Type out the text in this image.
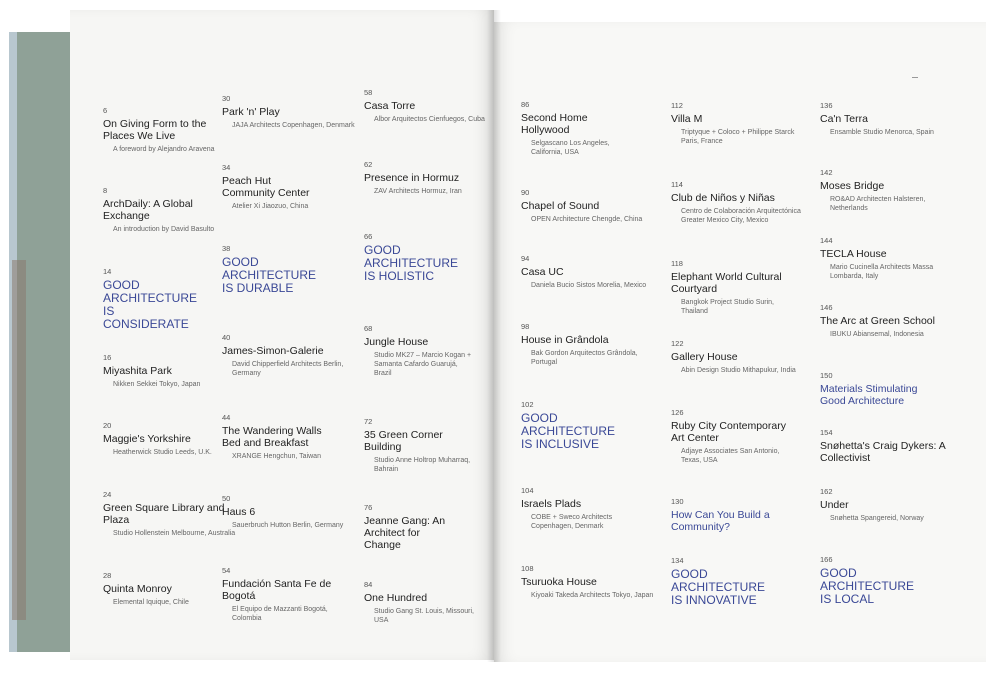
6
On Giving Form to the Places We Live
A foreword by Alejandro Aravena
8
ArchDaily: A Global Exchange
An introduction by David Basulto
14
GOOD ARCHITECTURE IS CONSIDERATE
16
Miyashita Park
Nikken Sekkei Tokyo, Japan
20
Maggie's Yorkshire
Heatherwick Studio Leeds, U.K.
24
Green Square Library and Plaza
Studio Hollenstein Melbourne, Australia
28
Quinta Monroy
Elemental Iquique, Chile
30
Park 'n' Play
JAJA Architects Copenhagen, Denmark
34
Peach Hut Community Center
Atelier Xi Jiaozuo, China
38
GOOD ARCHITECTURE IS DURABLE
40
James-Simon-Galerie
David Chipperfield Architects Berlin, Germany
44
The Wandering Walls Bed and Breakfast
XRANGE Hengchun, Taiwan
50
Haus 6
Sauerbruch Hutton Berlin, Germany
54
Fundación Santa Fe de Bogotá
El Equipo de Mazzanti Bogotá, Colombia
58
Casa Torre
Albor Arquitectos Cienfuegos, Cuba
62
Presence in Hormuz
ZAV Architects Hormuz, Iran
66
GOOD ARCHITECTURE IS HOLISTIC
68
Jungle House
Studio MK27 – Marcio Kogan + Samanta Cafardo Guarujá, Brazil
72
35 Green Corner Building
Studio Anne Holtrop Muharraq, Bahrain
76
Jeanne Gang: An Architect for Change
84
One Hundred
Studio Gang St. Louis, Missouri, USA
86
Second Home Hollywood
Selgascano Los Angeles, California, USA
90
Chapel of Sound
OPEN Architecture Chengde, China
94
Casa UC
Daniela Bucio Sistos Morelia, Mexico
98
House in Grândola
Bak Gordon Arquitectos Grândola, Portugal
102
GOOD ARCHITECTURE IS INCLUSIVE
104
Israels Plads
COBE + Sweco Architects Copenhagen, Denmark
108
Tsuruoka House
Kiyoaki Takeda Architects Tokyo, Japan
112
Villa M
Triptyque + Coloco + Philippe Starck Paris, France
114
Club de Niños y Niñas
Centro de Colaboración Arquitectónica Greater Mexico City, Mexico
118
Elephant World Cultural Courtyard
Bangkok Project Studio Surin, Thailand
122
Gallery House
Abin Design Studio Mithapukur, India
126
Ruby City Contemporary Art Center
Adjaye Associates San Antonio, Texas, USA
130
How Can You Build a Community?
134
GOOD ARCHITECTURE IS INNOVATIVE
136
Ca'n Terra
Ensamble Studio Menorca, Spain
142
Moses Bridge
RO&AD Architecten Halsteren, Netherlands
144
TECLA House
Mario Cucinella Architects Massa Lombarda, Italy
146
The Arc at Green School
IBUKU Abiansemal, Indonesia
150
Materials Stimulating Good Architecture
154
Snøhetta's Craig Dykers: A Collectivist
162
Under
Snøhetta Spangereid, Norway
166
GOOD ARCHITECTURE IS LOCAL
